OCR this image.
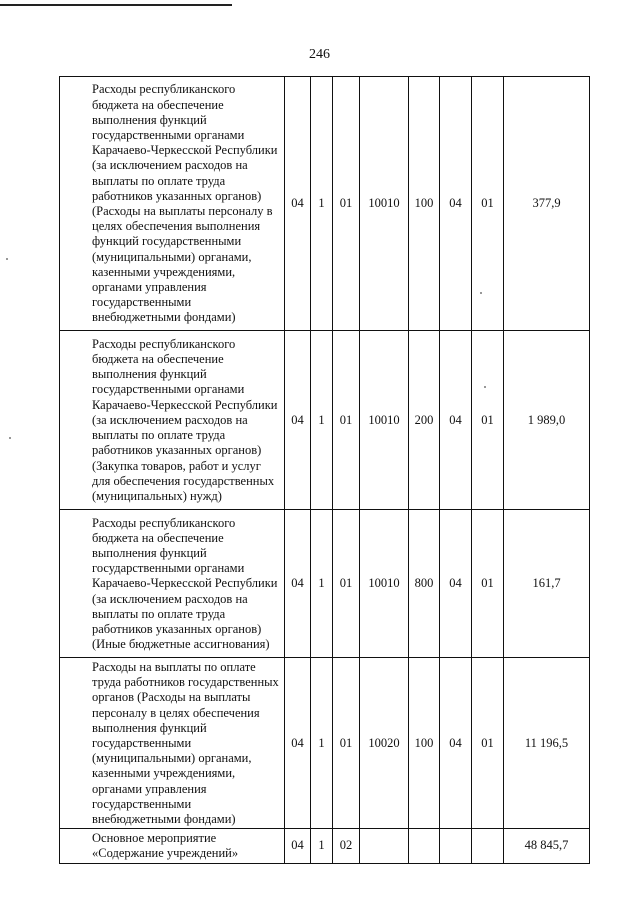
246
Расходы республиканского бюджета на обеспечение выполнения функций государственными органами Карачаево-Черкесской Республики (за исключением расходов на выплаты по оплате труда работников указанных органов) (Расходы на выплаты персоналу в целях обеспечения выполнения функций государственными (муниципальными) органами, казенными учреждениями, органами управления государственными внебюджетными фондами)	04	1	01	10010	100	04	01	377,9
Расходы республиканского бюджета на обеспечение выполнения функций государственными органами Карачаево-Черкесской Республики (за исключением расходов на выплаты по оплате труда работников указанных органов) (Закупка товаров, работ и услуг для обеспечения государственных (муниципальных) нужд)	04	1	01	10010	200	04	01	1 989,0
Расходы республиканского бюджета на обеспечение выполнения функций государственными органами Карачаево-Черкесской Республики (за исключением расходов на выплаты по оплате труда работников указанных органов) (Иные бюджетные ассигнования)	04	1	01	10010	800	04	01	161,7
Расходы на выплаты по оплате труда работников государственных органов (Расходы на выплаты персоналу в целях обеспечения выполнения функций государственными (муниципальными) органами, казенными учреждениями, органами управления государственными внебюджетными фондами)	04	1	01	10020	100	04	01	11 196,5
Основное мероприятие «Содержание учреждений»	04	1	02					48 845,7
